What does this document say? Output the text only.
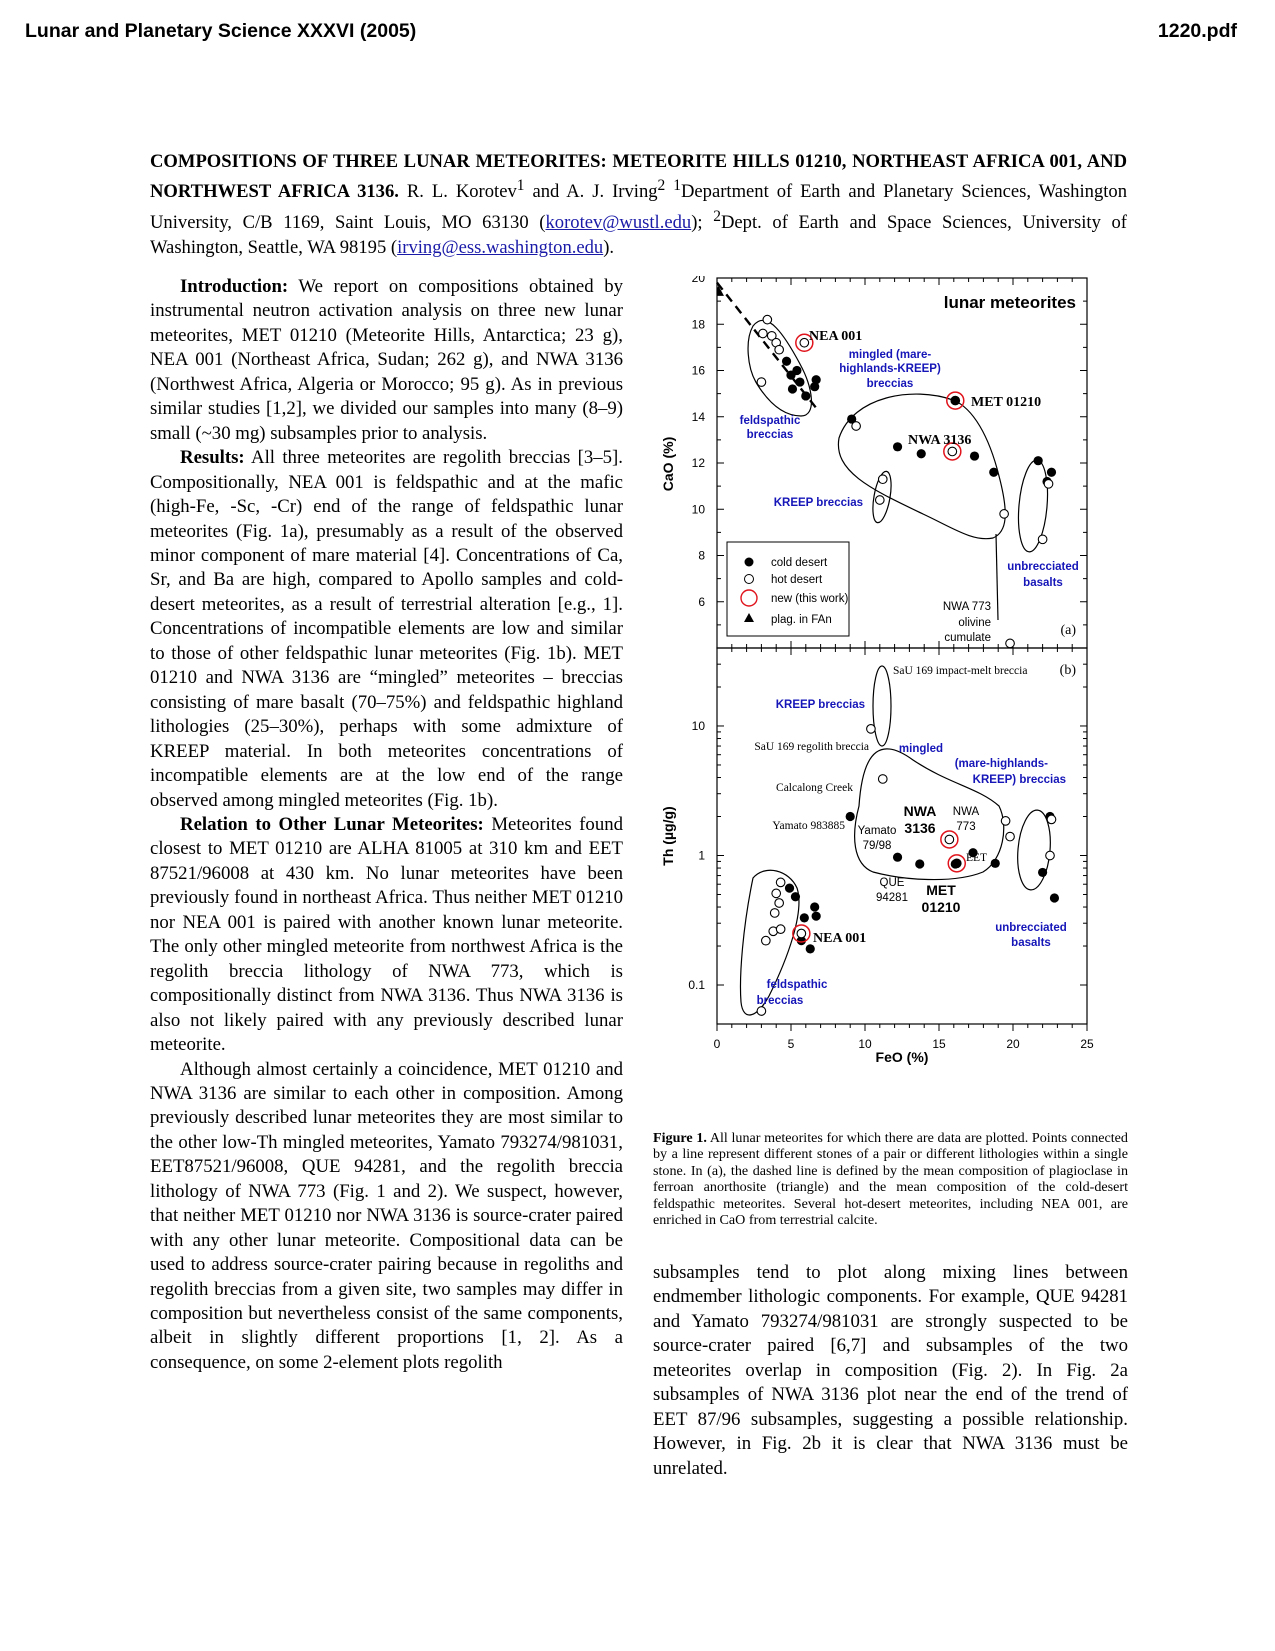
Lunar and Planetary Science XXXVI (2005)	1220.pdf
COMPOSITIONS OF THREE LUNAR METEORITES: METEORITE HILLS 01210, NORTHEAST AFRICA 001, AND NORTHWEST AFRICA 3136. R. L. Korotev$^1$ and A. J. Irving$^2$ $^1$Department of Earth and Planetary Sciences, Washington University, C/B 1169, Saint Louis, MO 63130 (korotev@wustl.edu); $^2$Dept. of Earth and Space Sciences, University of Washington, Seattle, WA 98195 (irving@ess.washington.edu).

Introduction: We report on compositions obtained by instrumental neutron activation analysis on three new lunar meteorites, MET 01210 (Meteorite Hills, Antarctica; 23 g), NEA 001 (Northeast Africa, Sudan; 262 g), and NWA 3136 (Northwest Africa, Algeria or Morocco; 95 g). As in previous similar studies [1,2], we divided our samples into many (8–9) small (~30 mg) subsamples prior to analysis.

Results: All three meteorites are regolith breccias [3–5]. Compositionally, NEA 001 is feldspathic and at the mafic (high-Fe, -Sc, -Cr) end of the range of feldspathic lunar meteorites (Fig. 1a), presumably as a result of the observed minor component of mare material [4]. Concentrations of Ca, Sr, and Ba are high, compared to Apollo samples and cold-desert meteorites, as a result of terrestrial alteration [e.g., 1]. Concentrations of incompatible elements are low and similar to those of other feldspathic lunar meteorites (Fig. 1b). MET 01210 and NWA 3136 are “mingled” meteorites – breccias consisting of mare basalt (70–75%) and feldspathic highland lithologies (25–30%), perhaps with some admixture of KREEP material. In both meteorites concentrations of incompatible elements are at the low end of the range observed among mingled meteorites (Fig. 1b).

Relation to Other Lunar Meteorites: Meteorites found closest to MET 01210 are ALHA 81005 at 310 km and EET 87521/96008 at 430 km. No lunar meteorites have been previously found in northeast Africa. Thus neither MET 01210 nor NEA 001 is paired with another known lunar meteorite. The only other mingled meteorite from northwest Africa is the regolith breccia lithology of NWA 773, which is compositionally distinct from NWA 3136. Thus NWA 3136 is also not likely paired with any previously described lunar meteorite.

Although almost certainly a coincidence, MET 01210 and NWA 3136 are similar to each other in composition. Among previously described lunar meteorites they are most similar to the other low-Th mingled meteorites, Yamato 793274/981031, EET87521/96008, QUE 94281, and the regolith breccia lithology of NWA 773 (Fig. 1 and 2). We suspect, however, that neither MET 01210 nor NWA 3136 is source-crater paired with any other lunar meteorite. Compositional data can be used to address source-crater pairing because in regoliths and regolith breccias from a given site, two samples may differ in composition but nevertheless consist of the same components, albeit in slightly different proportions [1, 2]. As a consequence, on some 2-element plots regolith

0	5	10	15	20	25
6
8
10
12
14
16
18
20
0.1
1
10
lunar meteorites
NEA 001
mingled (mare-
highlands-KREEP)
breccias
MET 01210
NWA 3136
feldspathic
breccias
KREEP breccias
unbrecciated
basalts
NWA 773
olivine
cumulate	(a)
cold desert
hot desert
new (this work)
plag. in FAn
SaU 169 impact-melt breccia (b)
KREEP breccias
SaU 169 regolith breccia
Calcalong Creek
Yamato 983885 Yamato
79/98
NWA
3136
NWA
773
EET
QUE
94281 MET
01210
mingled
(mare-highlands-
KREEP) breccias
NEA 001
unbrecciated
basalts
feldspathic
breccias
FeO (%)
CaO (%)
Th (µg/g)
Figure 1. All lunar meteorites for which there are data are plotted. Points connected by a line represent different stones of a pair or different lithologies within a single stone. In (a), the dashed line is defined by the mean composition of plagioclase in ferroan anorthosite (triangle) and the mean composition of the cold-desert feldspathic meteorites. Several hot-desert meteorites, including NEA 001, are enriched in CaO from terrestrial calcite.

subsamples tend to plot along mixing lines between endmember lithologic components. For example, QUE 94281 and Yamato 793274/981031 are strongly suspected to be source-crater paired [6,7] and subsamples of the two meteorites overlap in composition (Fig. 2). In Fig. 2a subsamples of NWA 3136 plot near the end of the trend of EET 87/96 subsamples, suggesting a possible relationship. However, in Fig. 2b it is clear that NWA 3136 must be unrelated.
